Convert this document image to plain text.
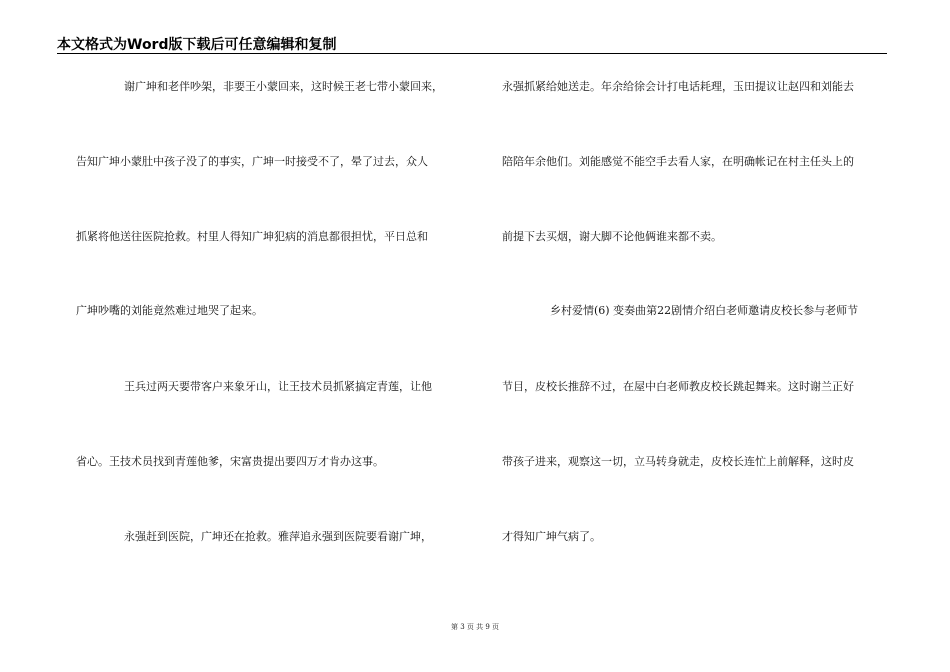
本文格式为Word版下载后可任意编辑和复制
谢广坤和老伴吵架，非要王小蒙回来，这时候王老七带小蒙回来，
告知广坤小蒙肚中孩子没了的事实，广坤一时接受不了，晕了过去，众人
抓紧将他送往医院抢救。村里人得知广坤犯病的消息都很担忧，平日总和
广坤吵嘴的刘能竟然难过地哭了起来。
王兵过两天要带客户来象牙山，让王技术员抓紧搞定青莲，让他
省心。王技术员找到青莲他爹，宋富贵提出要四万才肯办这事。
永强赶到医院，广坤还在抢救。雅萍追永强到医院要看谢广坤，
永强抓紧给她送走。年余给徐会计打电话耗理，玉田提议让赵四和刘能去
陪陪年余他们。刘能感觉不能空手去看人家，在明确帐记在村主任头上的
前提下去买烟，谢大脚不论他俩谁来都不卖。
乡村爱情(6) 变奏曲第22剧情介绍白老师邀请皮校长参与老师节
节目，皮校长推辞不过，在屋中白老师教皮校长跳起舞来。这时谢兰正好
带孩子进来，观察这一切，立马转身就走，皮校长连忙上前解释，这时皮
才得知广坤气病了。
第 3 页 共 9 页
